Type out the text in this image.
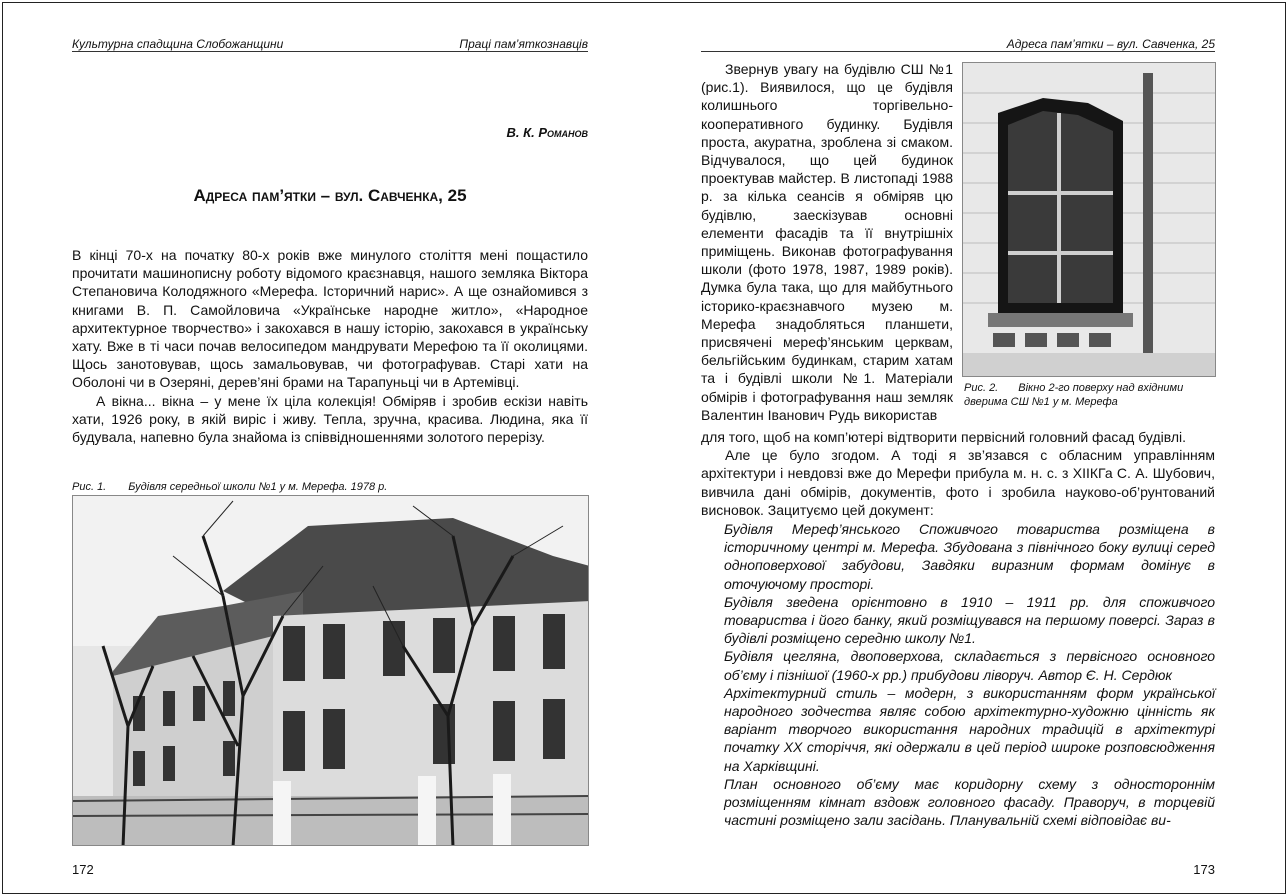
Культурна спадщина Слобожанщини	Праці пам’яткознавців
В. К. Романов
Адреса пам’ятки – вул. Савченка, 25

В кінці 70-х на початку 80-х років вже минулого століття мені пощастило прочитати машинописну роботу відомого краєзнавця, нашого земляка Віктора Степановича Колодяжного «Мерефа. Історичний нарис». А ще ознайомився з книгами В. П. Самойловича «Українське народне житло», «Народное архитектурное творчество» і закохався в нашу історію, закохався в українську хату. Вже в ті часи почав велосипедом мандрувати Мерефою та її околицями. Щось занотовував, щось замальовував, чи фотографував. Старі хати на Оболоні чи в Озеряні, дерев’яні брами на Тарапуньці чи в Артемівці.

А вікна... вікна – у мене їх ціла колекція! Обміряв і зробив ескізи навіть хати, 1926 року, в якій виріс і живу. Тепла, зручна, красива. Людина, яка її будувала, напевно була знайома із співвідношеннями золотого перерізу.

Рис. 1. Будівля середньої школи №1 у м. Мерефа. 1978 р.
172
Адреса пам’ятки – вул. Савченка, 25

Звернув увагу на будівлю СШ №1 (рис.1). Виявилося, що це будівля колишнього торгівельно-кооперативного будинку. Будівля проста, акуратна, зроблена зі смаком. Відчувалося, що цей будинок проектував майстер. В листопаді 1988 р. за кілька сеансів я обміряв цю будівлю, заескізував основні елементи фасадів та її внутрішніх приміщень. Виконав фотографування школи (фото 1978, 1987, 1989 років). Думка була така, що для майбутнього історико-краєзнавчого музею м. Мерефа знадобляться планшети, присвячені мереф’янським церквам, бельгійським будинкам, старим хатам та і будівлі школи №1. Матеріали обмірів і фотографування наш земляк Валентин Іванович Рудь використав

Рис. 2. Вікно 2-го поверху над вхідними дверима СШ №1 у м. Мерефа

для того, щоб на комп’ютері відтворити первісний головний фасад будівлі.

Але це було згодом. А тоді я зв’язався с обласним управлінням архітектури і невдовзі вже до Мерефи прибула м. н. с. з ХІІКГа С. А. Шубович, вивчила дані обмірів, документів, фото і зробила науково-об’рунтований висновок. Зацитуємо цей документ:

Будівля Мереф’янського Споживчого товариства розміщена в історичному центрі м. Мерефа. Збудована з північного боку вулиці серед одноповерхової забудови, Завдяки виразним формам домінує в оточуючому просторі.

Будівля зведена орієнтовно в 1910 – 1911 рр. для споживчого товариства і його банку, який розміщувався на першому поверсі. Зараз в будівлі розміщено середню школу №1.

Будівля цегляна, двоповерхова, складається з первісного основного об’єму і пізнішої (1960-х рр.) прибудови ліворуч. Автор Є. Н. Сердюк

Архітектурний стиль – модерн, з використанням форм української народного зодчества являє собою архітектурно-художню цінність як варіант творчого використання народних традицій в архітектурі початку ХХ сторіччя, які одержали в цей період широке розповсюдження на Харківщині.

План основного об’єму має коридорну схему з одностороннім розміщенням кімнат вздовж головного фасаду. Праворуч, в торцевій частині розміщено зали засідань. Планувальній схемі відповідає ви-

173
